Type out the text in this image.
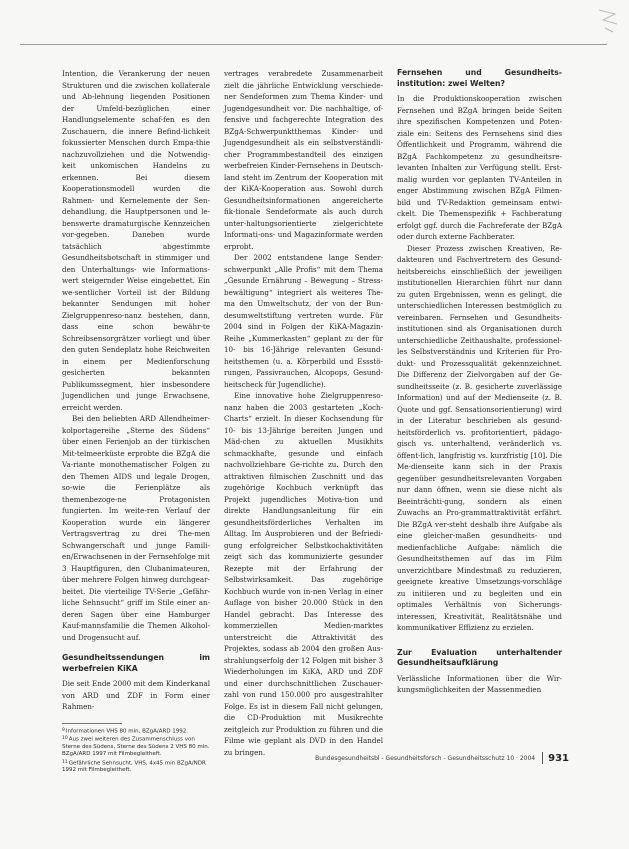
Intention, die Verankerung der neuen Strukturen und die zwischen kollaterale und Ab-lehnung liegenden Positionen der Umfeld-bezüglichen einer Handlungselemente schaf-fen es den Zuschauern, die innere Befind-lichkeit fokussierter Menschen durch Empa-thie nachzuvollziehen und die Notwendig-keit unkomischen Handelns zu erkennen. Bei diesem Kooperationsmodell wurden die Rahmen- und Kernelemente der Sen-dehandlung, die Hauptpersonen und le-benswerte dramaturgische Kennzeichen vor-gegeben. Daneben wurde tatsächlich abgestimmte Gesundheitsbotschaft in stimmiger und den Unterhaltungs- wie Informations-wert steigernder Weise eingebettet. Ein we-sentlicher Vorteil ist der Bildung bekannter Sendungen mit hoher Zielgruppenreso-nanz bestehen, dann, dass eine schon bewähr-te Schreibsensorgrätzer vorliegt und über den guten Sendeplatz hohe Reichweiten in einem per Medienforschung gesicherten bekannten Publikumssegment, hier insbesondere Jugendlichen und junge Erwachsene, erreicht werden.

Bei den beliebten ARD Allendheimer-kolportagereihe „Sterne des Südens“ über einen Ferienjob an der türkischen Mit-telmeerküste erprobte die BZgA die Va-riante monothematischer Folgen zu den Themen AIDS und legale Drogen, so-wie die Ferienplätze als themenbezoge-ne Protagonisten fungierten. Im weite-ren Verlauf der Kooperation wurde ein längerer Vertragsvertrag zu drei The-men Schwangerschaft und junge Famili-en/Erwachsenen in der Fernsehfolge mit 3 Hauptfiguren, den Clubanimateuren, über mehrere Folgen hinweg durchgear-beitet. Die vierteilige TV-Serie „Gefähr-liche Sehnsucht“ griff im Stile einer an-deren Sagen über eine Hamburger Kauf-mannsfamilie die Themen Alkohol- und Drogensucht auf.

Gesundheitssendungen im werbefreien KiKA

Die seit Ende 2000 mit dem Kinderkanal von ARD und ZDF in Form einer Rahmen-

$^9$Informationen VHS 80 min, BZgA/ARD 1992.

$^{10}$Aus zwei weiteren des Zusammenschluss von Sterne des Südens, Sterne des Südens 2 VHS 80 min. BZgA/ARD 1997 mit Filmbegleitheft.

$^{11}$Gefährliche Sehnsucht, VHS, 4x45 min BZgA/NDR 1992 mit Filmbegleitheft.

vertrages verabredete Zusammenarbeit zielt die jährliche Entwicklung verschiede-ner Sendeformen zum Thema Kinder- und Jugendgesundheit vor. Die nachhaltige, of-fensive und fachgerechte Integration des BZgA-Schwerpunktthemas Kinder- und Jugendgesundheit als ein selbstverständli-cher Programmbestandteil des einzigen werbefreien Kinder-Fernsehens in Deutsch-land steht im Zentrum der Kooperation mit der KiKA-Kooperation aus. Sowohl durch Gesundheitsinformationen angereicherte fik-tionale Sendeformate als auch durch unter-haltungsorientierte zielgerichtete Informati-ons- und Magazinformate werden erprobt.

Der 2002 entstandene lange Sender-schwerpunkt „Alle Profis“ mit dem Thema „Gesunde Ernährung – Bewegung – Stress-bewältigung“ integriert als weiteres The-ma den Umweltschutz, der von der Bun-desumweltstiftung vertreten wurde. Für 2004 sind in Folgen der KiKA-Magazin-Reihe „Kummerkasten“ geplant zu der für 10- bis 16-Jährige relevanten Gesund-heitsthemen (u. a. Körperbild und Essstö-rungen, Passivrauchen, Alcopops, Gesund-heitscheck für Jugendliche).

Eine innovative hohe Zielgruppenreso-nanz haben die 2003 gestarteten „Koch-Charts“ erzielt. In dieser Kochsendung für 10- bis 13-Jährige bereiten Jungen und Mäd-chen zu aktuellen Musikhits schmackhafte, gesunde und einfach nachvollziehbare Ge-richte zu. Durch den attraktiven filmischen Zuschnitt und das zugehörige Kochbuch verknüpft das Projekt jugendliches Motiva-tion und direkte Handlungsanleitung für ein gesundheitsförderliches Verhalten im Alltag. Im Ausprobieren und der Befriedi-gung erfolgreicher Selbstkochaktivitäten zeigt sich das kommunizierte gesunder Rezepte mit der Erfahrung der Selbstwirksamkeit. Das zugehörige Kochbuch wurde von in-nen Verlag in einer Auflage von bisher 20.000 Stück in den Handel gebracht. Das Interesse des kommerziellen Medien-marktes unterstreicht die Attraktivität des Projektes, sodass ab 2004 den großen Aus-strahlungserfolg der 12 Folgen mit bisher 3 Wiederholungen im KiKA, ARD und ZDF und einer durchschnittlichen Zuschauer-zahl von rund 150.000 pro ausgestrahlter Folge. Es ist in diesem Fall nicht gelungen, die CD-Produktion mit Musikrechte zeitgleich zur Produktion zu führen und die Filme wie geplant als DVD in den Handel zu bringen.

Fernsehen und Gesundheits-institution: zwei Welten?

In die Produktionskooperation zwischen Fernsehen und BZgA bringen beide Seiten ihre spezifischen Kompetenzen und Poten-ziale ein: Seitens des Fernsehens sind dies Öffentlichkeit und Programm, während die BZgA Fachkompetenz zu gesundheitsre-levanten Inhalten zur Verfügung stellt. Erst-malig wurden vor geplanten TV-Anteilen in enger Abstimmung zwischen BZgA Filmen-bild und TV-Redaktion gemeinsam entwi-ckelt. Die Themenspezifik + Fachberatung erfolgt ggf. durch die Fachreferate der BZgA oder durch externe Fachberater.

Dieser Prozess zwischen Kreativen, Re-dakteuren und Fachvertretern des Gesund-heitsbereichs einschließlich der jeweiligen institutionellen Hierarchien führt nur dann zu guten Ergebnissen, wenn es gelingt, die unterschiedlichen Interessen bestmöglich zu vereinbaren. Fernsehen und Gesundheits-institutionen sind als Organisationen durch unterschiedliche Zeithaushalte, professionel-les Selbstverständnis und Kriterien für Pro-dukt- und Prozessqualität gekennzeichnet. Die Differenz der Zielvorgaben auf der Ge-sundheitsseite (z. B. gesicherte zuverlässige Information) und auf der Medienseite (z. B. Quote und ggf. Sensationsorientierung) wird in der Literatur beschrieben als gesund-heitsförderlich vs. profitorientiert, pädago-gisch vs. unterhaltend, veränderlich vs. öffent-lich, langfristig vs. kurzfristig [10]. Die Me-dienseite kann sich in der Praxis gegenüber gesundheitsrelevanten Vorgaben nur dann öffnen, wenn sie diese nicht als Beeinträchti-gung, sondern als einen Zuwachs an Pro-grammattraktivität erfährt. Die BZgA ver-steht deshalb ihre Aufgabe als eine gleicher-maßen gesundheits- und medienfachliche Aufgabe: nämlich die Gesundheitsthemen auf das im Film unverzichtbare Mindestmaß zu reduzieren, geeignete kreative Umsetzungs-vorschläge zu initiieren und zu begleiten und ein optimales Verhältnis von Sicherungs-interessen, Kreativität, Realitätsnähe und kommunikativer Effizienz zu erzielen.

Zur Evaluation unterhaltender Gesundheitsaufklärung

Verlässliche Informationen über die Wir-kungsmöglichkeiten der Massenmedien

Bundesgesundheitsbl - Gesundheitsforsch - Gesundheitsschutz 10 · 2004 931
